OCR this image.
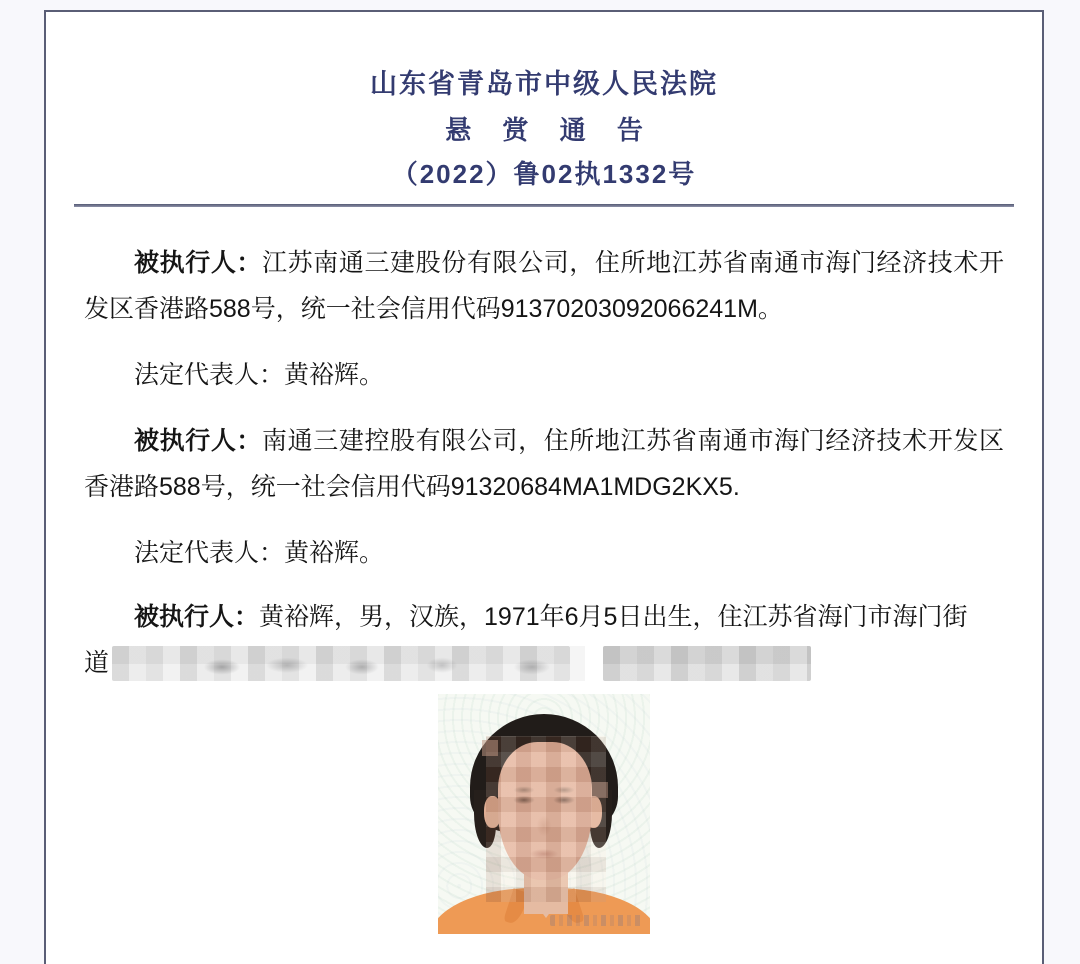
山东省青岛市中级人民法院
悬 赏 通 告
（2022）鲁02执1332号

被执行人：江苏南通三建股份有限公司，住所地江苏省南通市海门经济技术开发区香港路588号，统一社会信用代码91370203092066241M。

法定代表人：黄裕辉。

被执行人：南通三建控股有限公司，住所地江苏省南通市海门经济技术开发区香港路588号，统一社会信用代码91320684MA1MDG2KX5.

法定代表人：黄裕辉。

被执行人：黄裕辉，男，汉族，1971年6月5日出生，住江苏省海门市海门街

道
